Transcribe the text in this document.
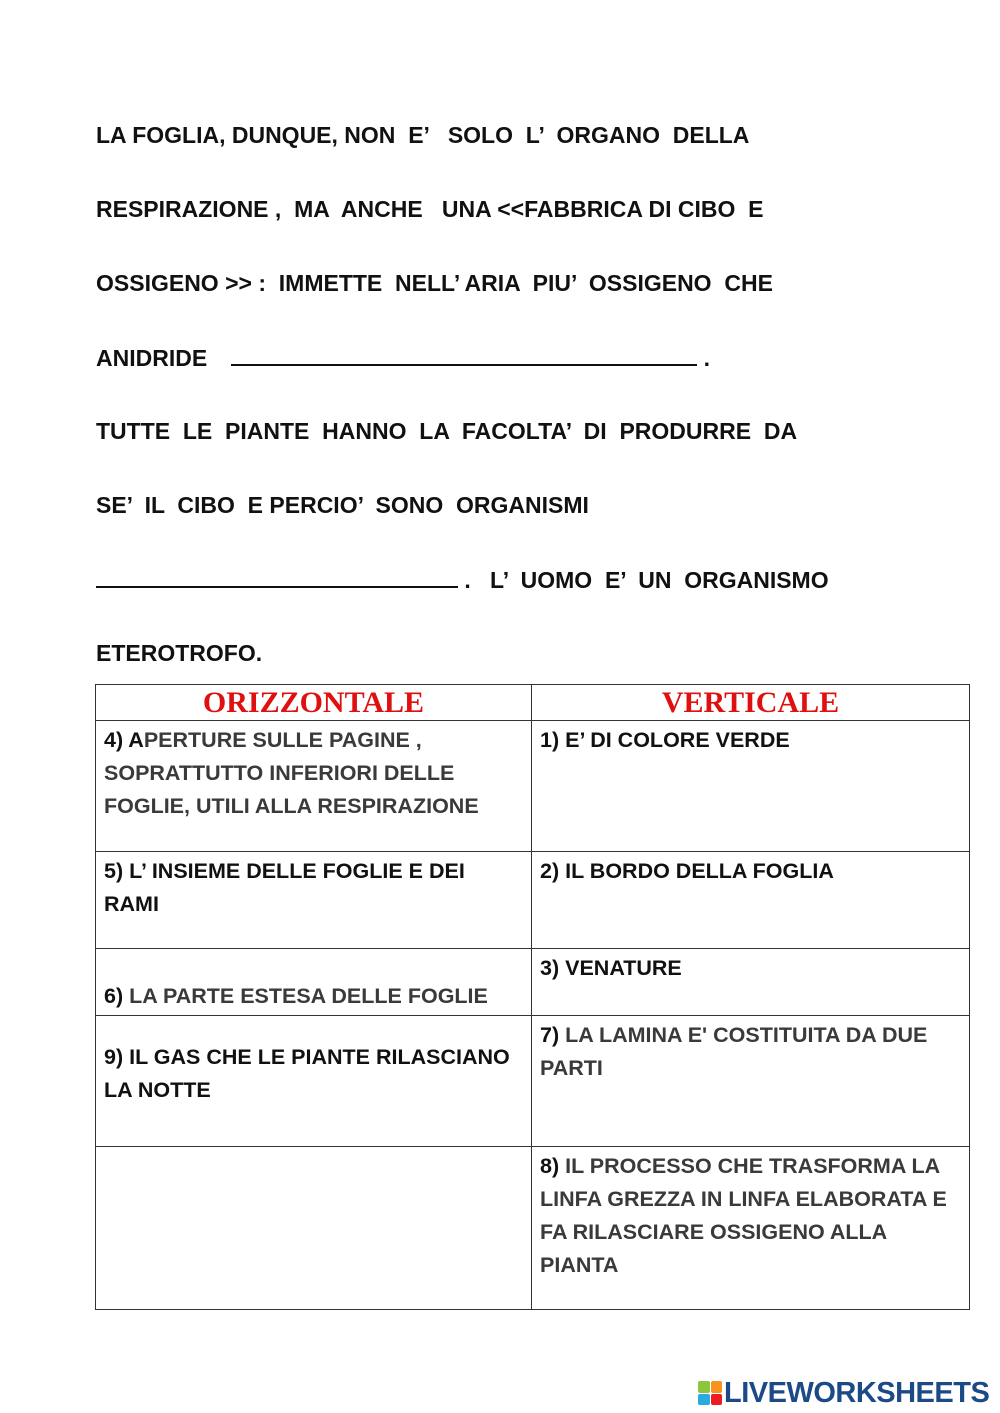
LA FOGLIA, DUNQUE, NON  E’   SOLO  L’  ORGANO  DELLA

RESPIRAZIONE ,  MA  ANCHE   UNA <<FABBRICA DI CIBO  E

OSSIGENO >> :  IMMETTE  NELL’ ARIA  PIU’  OSSIGENO  CHE

ANIDRIDE	.

TUTTE  LE  PIANTE  HANNO  LA  FACOLTA’  DI  PRODURRE  DA

SE’  IL  CIBO  E PERCIO’  SONO  ORGANISMI

.   L’  UOMO  E’  UN  ORGANISMO

ETEROTROFO.

ORIZZONTALE	VERTICALE

4) APERTURE SULLE PAGINE , SOPRATTUTTO INFERIORI DELLE FOGLIE, UTILI ALLA RESPIRAZIONE	1) E’ DI COLORE VERDE

5) L’ INSIEME DELLE FOGLIE E DEI RAMI	2) IL BORDO DELLA FOGLIA

6) LA PARTE ESTESA DELLE FOGLIE	3) VENATURE

9) IL GAS CHE LE PIANTE RILASCIANO LA NOTTE	7) LA LAMINA E' COSTITUITA DA DUE PARTI

	8) IL PROCESSO CHE TRASFORMA LA LINFA GREZZA IN LINFA ELABORATA E FA RILASCIARE OSSIGENO ALLA PIANTA
LIVEWORKSHEETS
